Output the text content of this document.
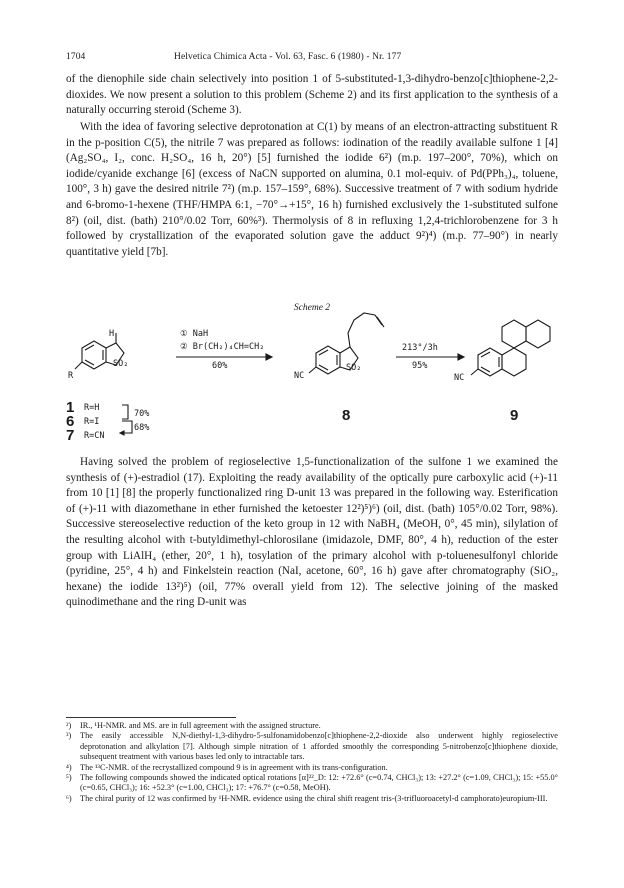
1704	Helvetica Chimica Acta - Vol. 63, Fasc. 6 (1980) - Nr. 177

of the dienophile side chain selectively into position 1 of 5-substituted-1,3-dihydro-benzo[c]thiophene-2,2-dioxides. We now present a solution to this problem (Scheme 2) and its first application to the synthesis of a naturally occurring steroid (Scheme 3).

With the idea of favoring selective deprotonation at C(1) by means of an electron-attracting substituent R in the p-position C(5), the nitrile 7 was prepared as follows: iodination of the readily available sulfone 1 [4] (Ag₂SO₄, I₂, conc. H₂SO₄, 16 h, 20°) [5] furnished the iodide 6²) (m.p. 197–200°, 70%), which on iodide/cyanide exchange [6] (excess of NaCN supported on alumina, 0.1 mol-equiv. of Pd(PPh₃)₄, toluene, 100°, 3 h) gave the desired nitrile 7²) (m.p. 157–159°, 68%). Successive treatment of 7 with sodium hydride and 6-bromo-1-hexene (THF/HMPA 6:1, −70°→+15°, 16 h) furnished exclusively the 1-substituted sulfone 8²) (oil, dist. (bath) 210°/0.02 Torr, 60%³). Thermolysis of 8 in refluxing 1,2,4-trichlorobenzene for 3 h followed by crystallization of the evaporated solution gave the adduct 9²)⁴) (m.p. 77–90°) in nearly quantitative yield [7b].

Scheme 2
H
SO₂
R
① NaH
② Br(CH₂)₄CH=CH₂
60%	SO₂
NC
213°/3h
95%
NC
1 R=H
6 R=I
7 R=CN
70%
68%
8	9

Having solved the problem of regioselective 1,5-functionalization of the sulfone 1 we examined the synthesis of (+)-estradiol (17). Exploiting the ready availability of the optically pure carboxylic acid (+)-11 from 10 [1] [8] the properly functionalized ring D-unit 13 was prepared in the following way. Esterification of (+)-11 with diazomethane in ether furnished the ketoester 12²)⁵)⁶) (oil, dist. (bath) 105°/0.02 Torr, 98%). Successive stereoselective reduction of the keto group in 12 with NaBH₄ (MeOH, 0°, 45 min), silylation of the resulting alcohol with t-butyldimethyl-chlorosilane (imidazole, DMF, 80°, 4 h), reduction of the ester group with LiAlH₄ (ether, 20°, 1 h), tosylation of the primary alcohol with p-toluenesulfonyl chloride (pyridine, 25°, 4 h) and Finkelstein reaction (NaI, acetone, 60°, 16 h) gave after chromatography (SiO₂, hexane) the iodide 13²)⁵) (oil, 77% overall yield from 12). The selective joining of the masked quinodimethane and the ring D-unit was

²) IR., ¹H-NMR. and MS. are in full agreement with the assigned structure.

³) The easily accessible N,N-diethyl-1,3-dihydro-5-sulfonamidobenzo[c]thiophene-2,2-dioxide also underwent highly regioselective deprotonation and alkylation [7]. Although simple nitration of 1 afforded smoothly the corresponding 5-nitrobenzo[c]thiophene dioxide, subsequent treatment with various bases led only to intractable tars.

⁴) The ¹³C-NMR. of the recrystallized compound 9 is in agreement with its trans-configuration.

⁵) The following compounds showed the indicated optical rotations [α]²²_D: 12: +72.6° (c=0.74, CHCl₃); 13: +27.2° (c=1.09, CHCl₃); 15: +55.0° (c=0.65, CHCl₃); 16: +52.3° (c=1.00, CHCl₃); 17: +76.7° (c=0.58, MeOH).

⁶) The chiral purity of 12 was confirmed by ¹H-NMR. evidence using the chiral shift reagent tris-(3-trifluoroacetyl-d camphorato)europium-III.
